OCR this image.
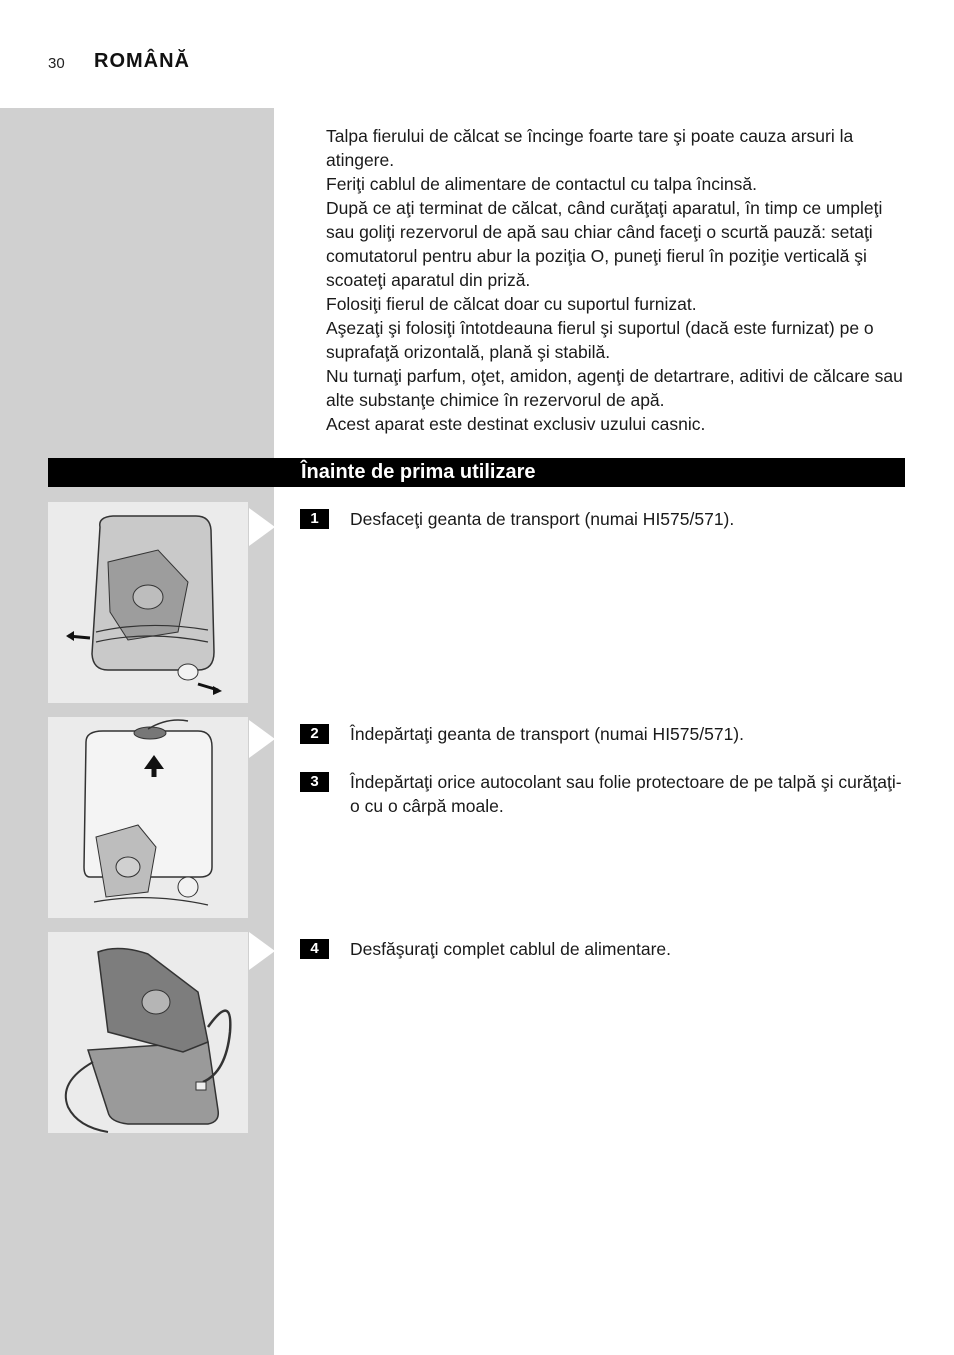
30 ROMÂNĂ

Talpa fierului de călcat se încinge foarte tare şi poate cauza arsuri la atingere.

Feriţi cablul de alimentare de contactul cu talpa încinsă.

După ce aţi terminat de călcat, când curăţaţi aparatul, în timp ce umpleţi sau goliţi rezervorul de apă sau chiar când faceţi o scurtă pauză: setaţi comutatorul pentru abur la poziţia O, puneţi fierul în poziţie verticală şi scoateţi aparatul din priză.

Folosiţi fierul de călcat doar cu suportul furnizat.

Aşezaţi şi folosiţi întotdeauna fierul şi suportul (dacă este furnizat) pe o suprafaţă orizontală, plană şi stabilă.

Nu turnaţi parfum, oţet, amidon, agenţi de detartrare, aditivi de călcare sau alte substanţe chimice în rezervorul de apă.

Acest aparat este destinat exclusiv uzului casnic.

Înainte de prima utilizare
1	Desfaceţi geanta de transport (numai HI575/571).
2	Îndepărtaţi geanta de transport (numai HI575/571).
3	Îndepărtaţi orice autocolant sau folie protectoare de pe talpă şi curăţaţi-o cu o cârpă moale.
4	Desfăşuraţi complet cablul de alimentare.
